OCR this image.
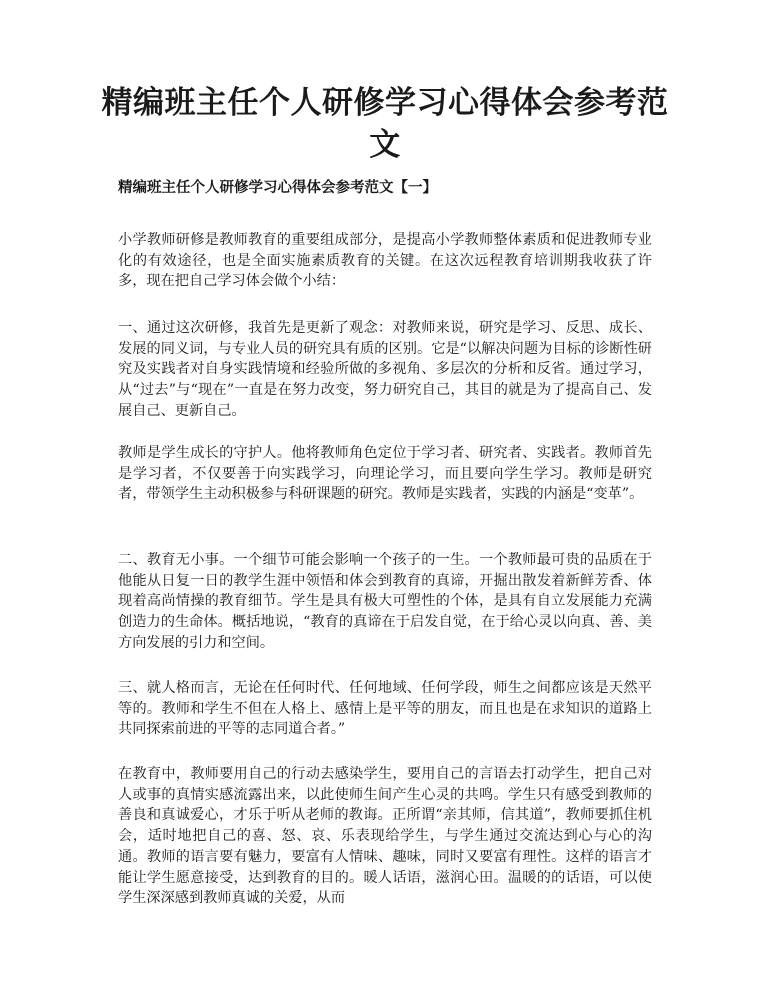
精编班主任个人研修学习心得体会参考范文

精编班主任个人研修学习心得体会参考范文【一】

小学教师研修是教师教育的重要组成部分，是提高小学教师整体素质和促进教师专业化的有效途径，也是全面实施素质教育的关键。在这次远程教育培训期我收获了许多，现在把自己学习体会做个小结：

一、通过这次研修，我首先是更新了观念：对教师来说，研究是学习、反思、成长、发展的同义词，与专业人员的研究具有质的区别。它是“以解决问题为目标的诊断性研究及实践者对自身实践情境和经验所做的多视角、多层次的分析和反省。通过学习，从“过去”与“现在”一直是在努力改变，努力研究自己，其目的就是为了提高自己、发展自己、更新自己。

教师是学生成长的守护人。他将教师角色定位于学习者、研究者、实践者。教师首先是学习者，不仅要善于向实践学习，向理论学习，而且要向学生学习。教师是研究者，带领学生主动积极参与科研课题的研究。教师是实践者，实践的内涵是“变革”。

二、教育无小事。一个细节可能会影响一个孩子的一生。一个教师最可贵的品质在于他能从日复一日的教学生涯中领悟和体会到教育的真谛，开掘出散发着新鲜芳香、体现着高尚情操的教育细节。学生是具有极大可塑性的个体，是具有自立发展能力充满创造力的生命体。概括地说，“教育的真谛在于启发自觉，在于给心灵以向真、善、美方向发展的引力和空间。

三、就人格而言，无论在任何时代、任何地域、任何学段，师生之间都应该是天然平等的。教师和学生不但在人格上、感情上是平等的朋友，而且也是在求知识的道路上共同探索前进的平等的志同道合者。”

在教育中，教师要用自己的行动去感染学生，要用自己的言语去打动学生，把自己对人或事的真情实感流露出来，以此使师生间产生心灵的共鸣。学生只有感受到教师的善良和真诚爱心，才乐于听从老师的教诲。正所谓“亲其师，信其道”，教师要抓住机会，适时地把自己的喜、怒、哀、乐表现给学生，与学生通过交流达到心与心的沟通。教师的语言要有魅力，要富有人情味、趣味，同时又要富有理性。这样的语言才能让学生愿意接受，达到教育的目的。暖人话语，滋润心田。温暖的的话语，可以使学生深深感到教师真诚的关爱，从而
